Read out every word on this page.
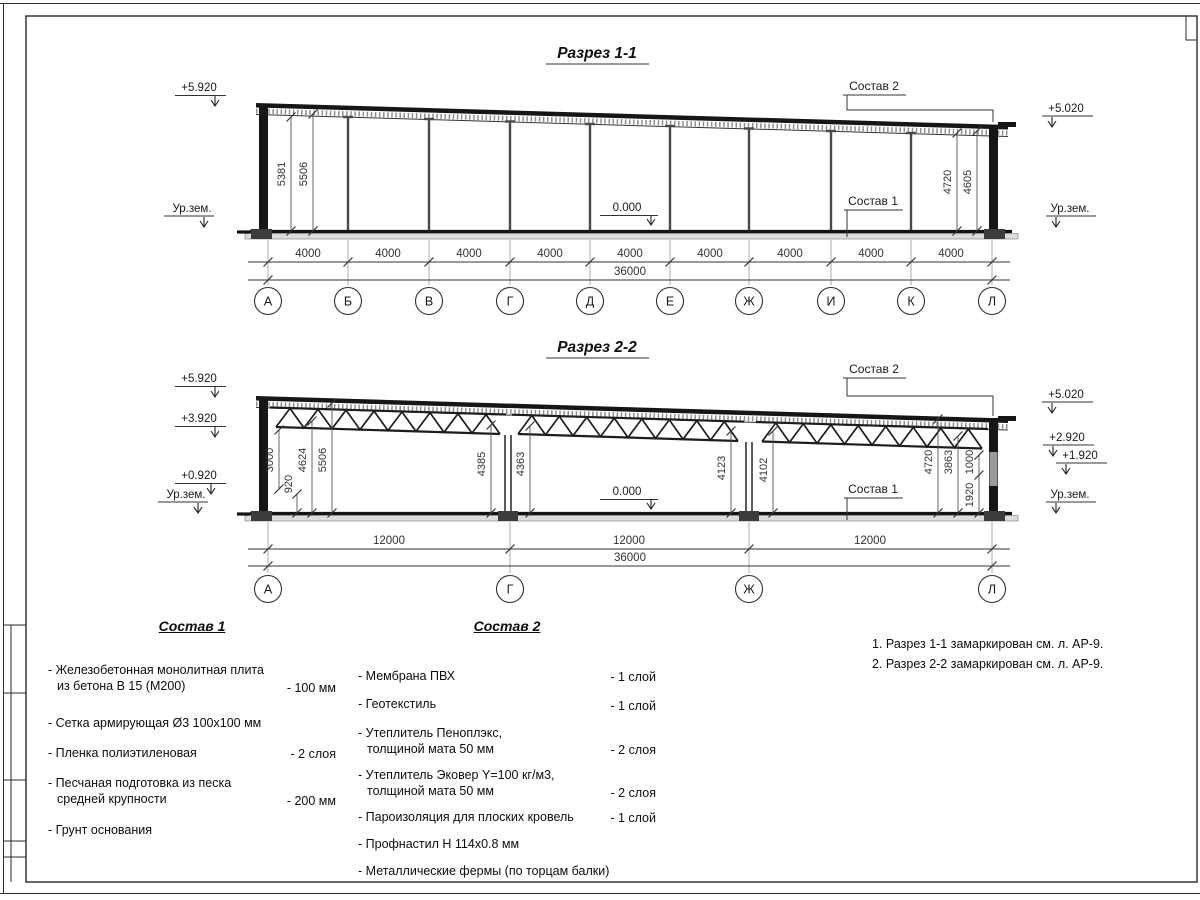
Разрез 1-1
5381 5506	4720 4605
0.000
+5.920
Ур.зем.
+5.020
Ур.зем.
Состав 2
Состав 1
4000	4000	4000	4000	4000	4000	4000	4000	4000
36000
А	Б	В	Г	Д	Е	Ж	И	К	Л
Разрез 2-2
3000
920
4624 5506	4385 4363	4123	4102	4720 3863 1000
1920
0.000
+5.920
+3.920
+0.920
Ур.зем.
+5.020
+2.920
+1.920
Ур.зем.
Состав 2
Состав 1
12000	12000	12000
36000
А	Г	Ж	Л
Состав 1
- Железобетонная монолитная плита
из бетона В 15 (М200)	- 100 мм
- Сетка армирующая Ø3 100х100 мм
- Пленка полиэтиленовая	- 2 слоя
- Песчаная подготовка из песка
средней крупности	- 200 мм
- Грунт основания
Состав 2
- Мембрана ПВХ	- 1 слой
- Геотекстиль	- 1 слой
- Утеплитель Пеноплэкс,
толщиной мата 50 мм	- 2 слоя
- Утеплитель Эковер Y=100 кг/м3,
толщиной мата 50 мм	- 2 слоя
- Пароизоляция для плоских кровель	- 1 слой
- Профнастил Н 114х0.8 мм
- Металлические фермы (по торцам балки)
1. Разрез 1-1 замаркирован см. л. АР-9.
2. Разрез 2-2 замаркирован см. л. АР-9.
